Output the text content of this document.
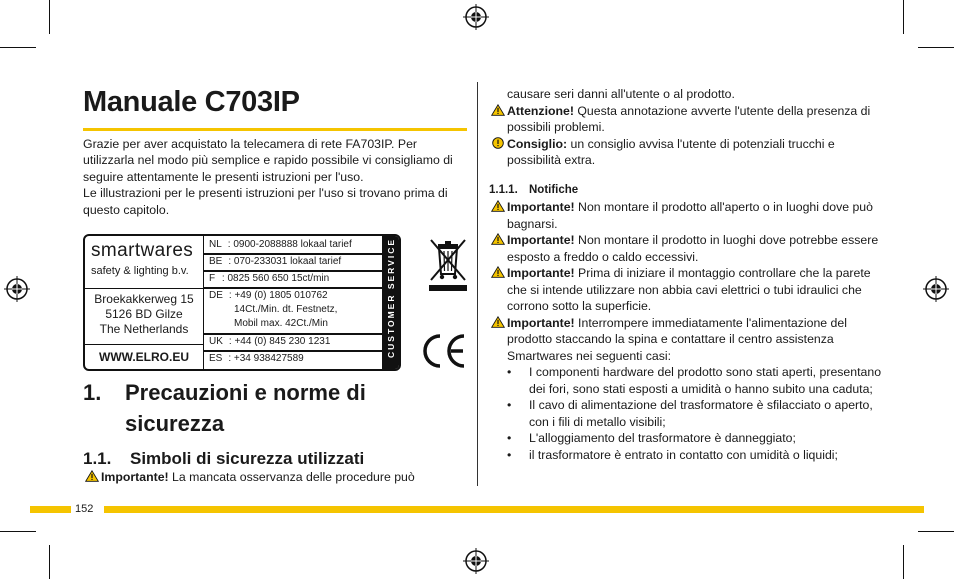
Manuale C703IP

Grazie per aver acquistato la telecamera di rete FA703IP. Per utilizzarla nel modo più semplice e rapido possibile vi consigliamo di seguire attentamente le presenti istruzioni per l'uso.

Le illustrazioni per le presenti istruzioni per l'uso si trovano prima di questo capitolo.

smartwares
safety & lighting b.v.
Broekakkerweg 15
5126 BD Gilze
The Netherlands
WWW.ELRO.EU
NL : 0900-2088888 lokaal tarief
BE : 070-233031 lokaal tarief
F : 0825 560 650 15ct/min
DE : +49 (0) 1805 010762
14Ct./Min. dt. Festnetz,
Mobil max. 42Ct./Min
UK : +44 (0) 845 230 1231
ES : +34 938427589
CUSTOMER SERVICE
1. Precauzioni e norme di sicurezza
1.1. Simboli di sicurezza utilizzati
Importante! La mancata osservanza delle procedure può

causare seri danni all'utente o al prodotto.

Attenzione! Questa annotazione avverte l'utente della presenza di possibili problemi.

Consiglio: un consiglio avvisa l'utente di potenziali trucchi e possibilità extra.

1.1.1. Notifiche

Importante! Non montare il prodotto all'aperto o in luoghi dove può bagnarsi.

Importante! Non montare il prodotto in luoghi dove potrebbe essere esposto a freddo o caldo eccessivi.

Importante! Prima di iniziare il montaggio controllare che la parete che si intende utilizzare non abbia cavi elettrici o tubi idraulici che corrono sotto la superficie.

Importante! Interrompere immediatamente l'alimentazione del prodotto staccando la spina e contattare il centro assistenza Smartwares nei seguenti casi:

• I componenti hardware del prodotto sono stati aperti, presentano dei fori, sono stati esposti a umidità o hanno subito una caduta;

• Il cavo di alimentazione del trasformatore è sfilacciato o aperto, con i fili di metallo visibili;

• L'alloggiamento del trasformatore è danneggiato;

• il trasformatore è entrato in contatto con umidità o liquidi;

152
